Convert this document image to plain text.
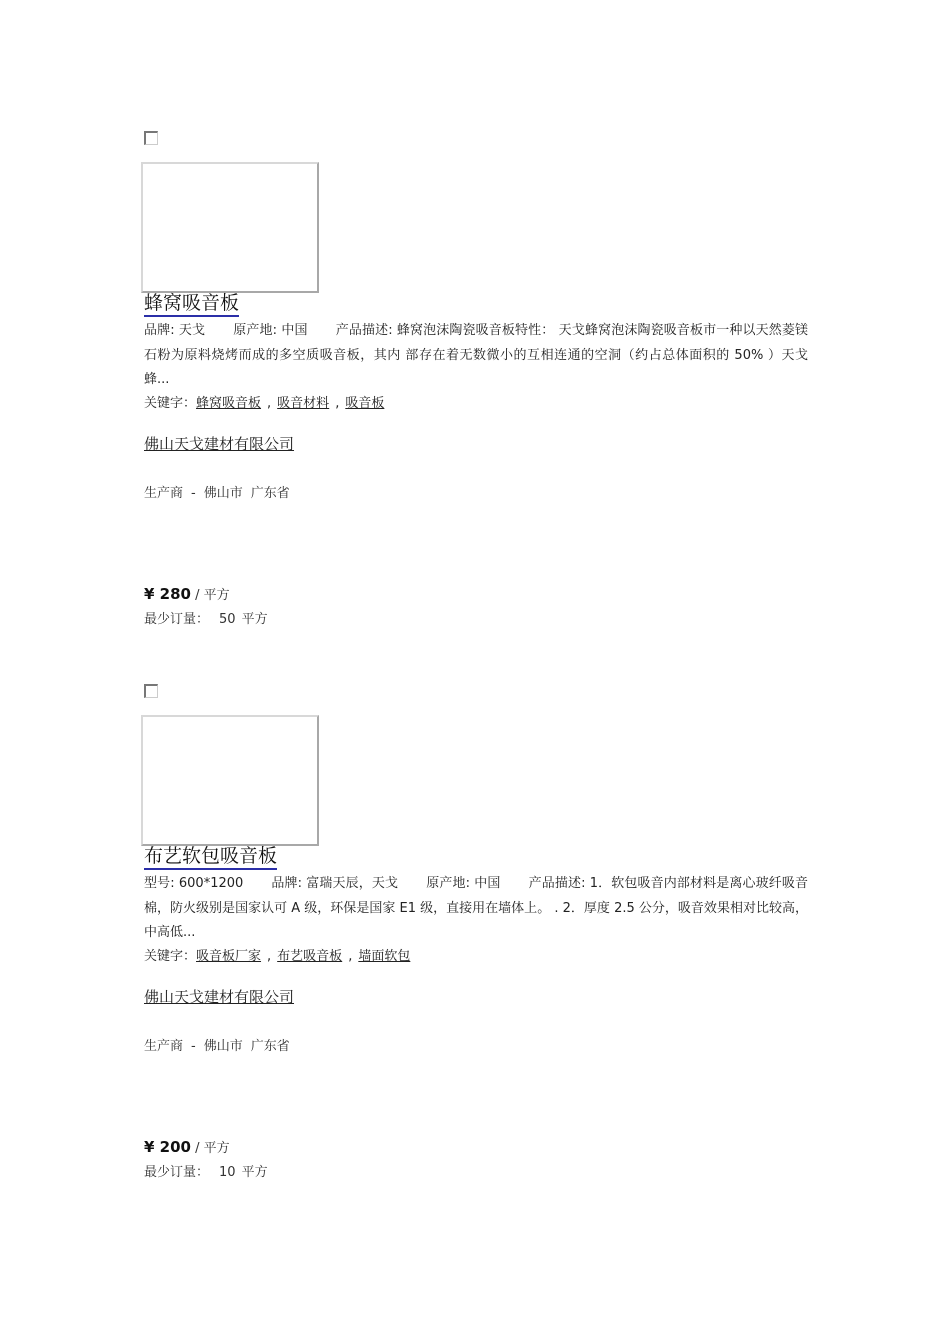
蜂窝吸音板
品牌: 天戈 原产地: 中国 产品描述: 蜂窝泡沫陶瓷吸音板特性： 天戈蜂窝泡沫陶瓷吸音板市一种以天然菱镁石粉为原料烧烤而成的多空质吸音板，其内 部存在着无数微小的互相连通的空洞（约占总体面积的 50% ）天戈蜂...
关键字：蜂窝吸音板 , 吸音材料 , 吸音板
佛山天戈建材有限公司
生产商 - 佛山市 广东省
¥ 280 / 平方
最少订量： 50 平方
布艺软包吸音板
型号: 600*1200 品牌: 富瑞天辰，天戈 原产地: 中国 产品描述: 1．软包吸音内部材料是离心玻纤吸音棉，防火级别是国家认可 A 级，环保是国家 E1 级，直接用在墙体上。 . 2．厚度 2.5 公分，吸音效果相对比较高，中高低...
关键字：吸音板厂家 , 布艺吸音板 , 墙面软包
佛山天戈建材有限公司
生产商 - 佛山市 广东省
¥ 200 / 平方
最少订量： 10 平方
